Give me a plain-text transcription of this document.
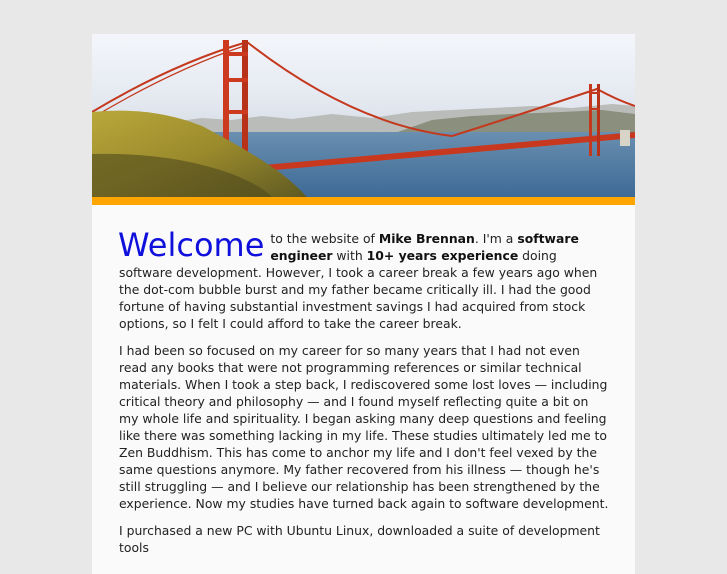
Welcome to the website of Mike Brennan. I'm a software engineer with 10+ years experience doing software development. However, I took a career break a few years ago when the dot-com bubble burst and my father became critically ill. I had the good fortune of having substantial investment savings I had acquired from stock options, so I felt I could afford to take the career break.

I had been so focused on my career for so many years that I had not even read any books that were not programming references or similar technical materials. When I took a step back, I rediscovered some lost loves — including critical theory and philosophy — and I found myself reflecting quite a bit on my whole life and spirituality. I began asking many deep questions and feeling like there was something lacking in my life. These studies ultimately led me to Zen Buddhism. This has come to anchor my life and I don't feel vexed by the same questions anymore. My father recovered from his illness — though he's still struggling — and I believe our relationship has been strengthened by the experience. Now my studies have turned back again to software development.

I purchased a new PC with Ubuntu Linux, downloaded a suite of development tools
